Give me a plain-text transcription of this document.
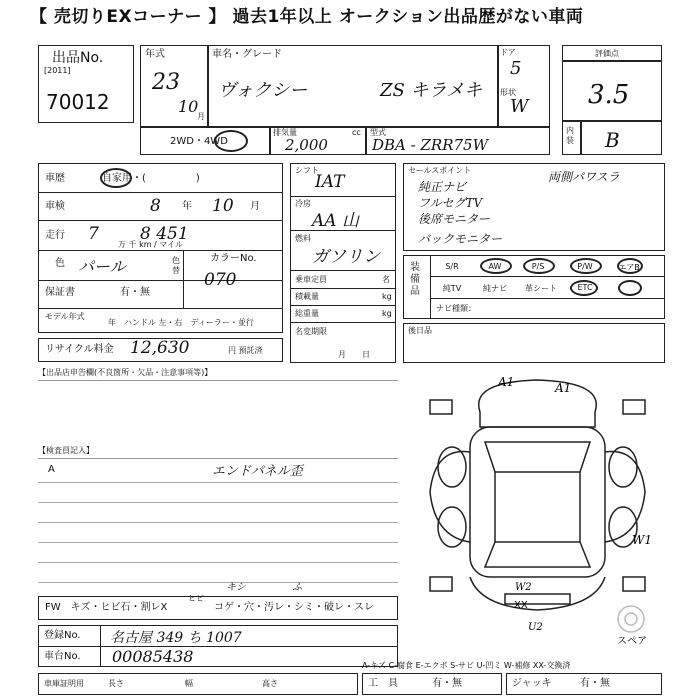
【 売切りEXコーナー 】 過去1年以上 オークション出品歴がない車両
出品No.
[2011]
70012
年式
23
10
月
車名・グレード
ヴォクシー	ZS キラメキ
ドア
5
形状
W
2WD・4WD
排気量
2,000
cc 型式
DBA - ZRR75W
評価点
3.5
内装 B
車歴	自家用・(　　　　　)
車検	8 年 10 月
走行 7 8 451
万 千 km / マイル
色 パール	色替
カラーNo.
070
保証書	有・無
モデル年式
年　ハンドル 左・右　ディーラー・並行
リサイクル料金 12,630	円 預託済
シフト
IAT
冷房
AA 山
燃料
ガソリン
乗車定員	名
積載量	kg
総重量	kg
名変期限
月　　日
セールスポイント
純正ナビ
フルセグTV
後席モニター
バックモニター
両側パワスラ
装備品
S/R	AW	P/S	P/W	エアB
純TV	純ナビ	革シート	ETC
ナビ種類：
後日品
【出品店申告欄(不良箇所・欠品・注意事項等)】
【検査員記入】
A	エンドパネル歪
FW　キズ・ヒビ石・割レX
ヒビ
コゲ・穴・汚レ・シミ・破レ・スレ
キシ	ふ
A1	A1
W1
W2
XX
U2
スペア
登録No. 名古屋 349 ち 1007
車台No. 00085438	A-キズ C-腐食 E-エクボ S-サビ U-凹ミ W-補修 XX-交換済
車庫証明用	長さ	幅	高さ	工　具	有・無	ジャッキ	有・無
